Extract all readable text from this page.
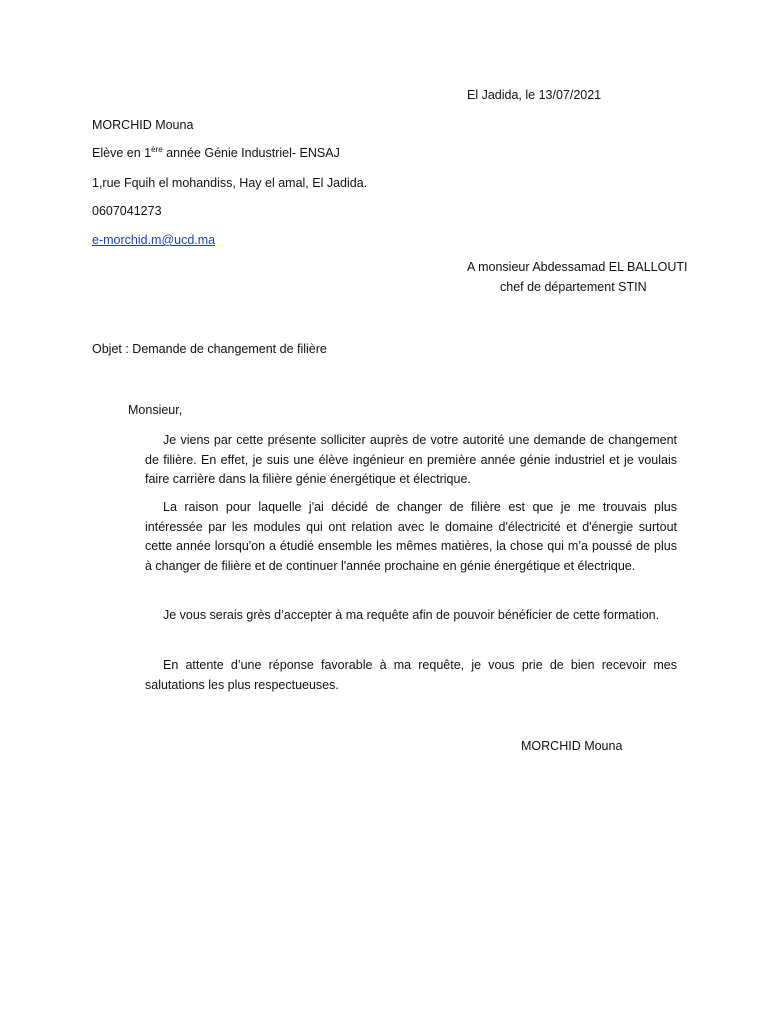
El Jadida, le 13/07/2021
MORCHID Mouna
Elève en 1ère année Génie Industriel- ENSAJ
1,rue Fquih el mohandiss, Hay el amal, El Jadida.
0607041273
e-morchid.m@ucd.ma
A monsieur Abdessamad EL BALLOUTI
chef de département STIN
Objet : Demande de changement de filière
Monsieur,

Je viens par cette présente solliciter auprès de votre autorité une demande de changement de filière. En effet, je suis une élève ingénieur en première année génie industriel et je voulais faire carrière dans la filière génie énergétique et électrique.

La raison pour laquelle j'ai décidé de changer de filière est que je me trouvais plus intéressée par les modules qui ont relation avec le domaine d'électricité et d'énergie surtout cette année lorsqu'on a étudié ensemble les mêmes matières, la chose qui m’a poussé de plus à changer de filière et de continuer l'année prochaine en génie énergétique et électrique.

Je vous serais grès d’accepter à ma requête afin de pouvoir bénéficier de cette formation.

En attente d’une réponse favorable à ma requête, je vous prie de bien recevoir mes salutations les plus respectueuses.

MORCHID Mouna
